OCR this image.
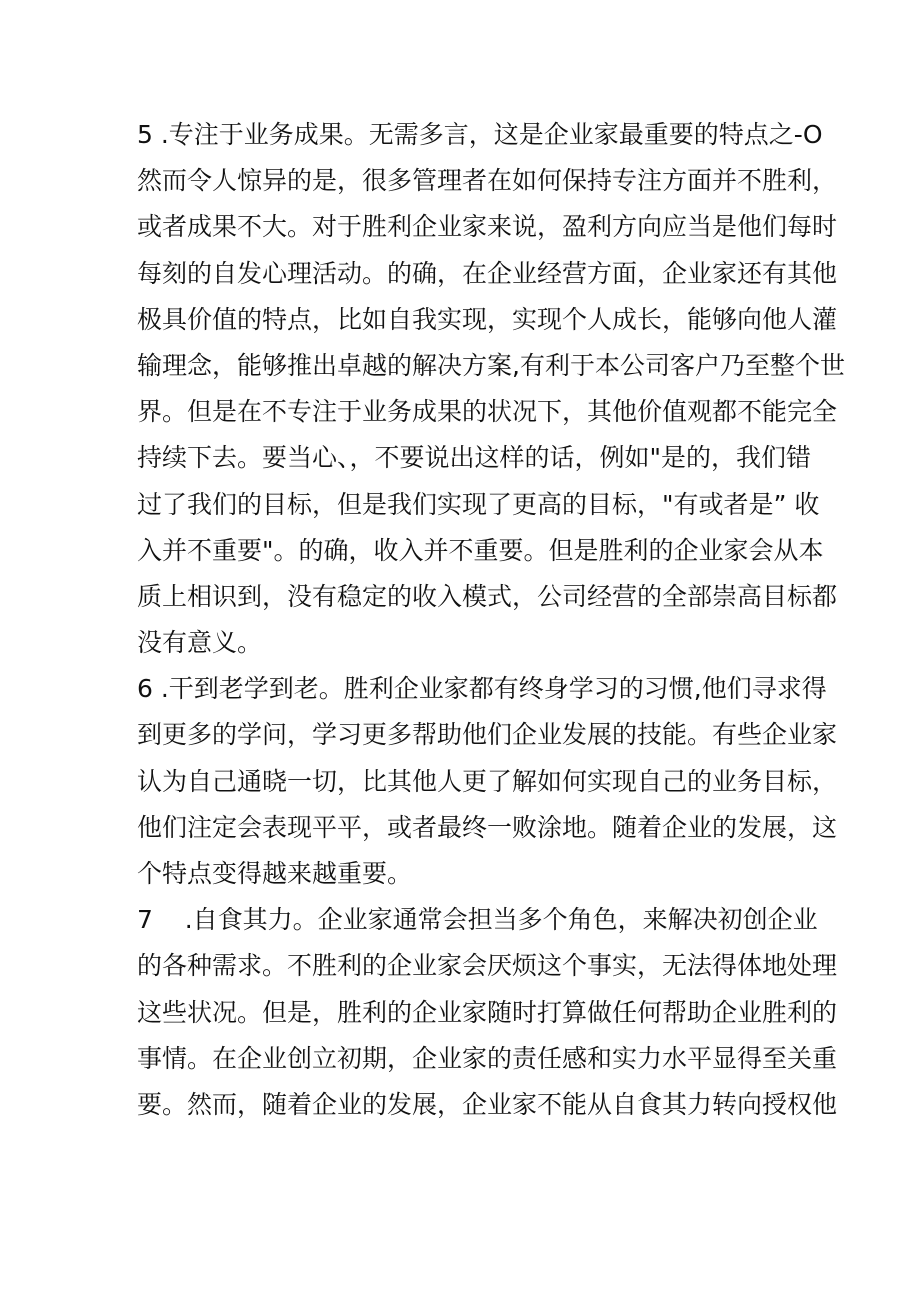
5 .专注于业务成果。无需多言，这是企业家最重要的特点之-O
然而令人惊异的是，很多管理者在如何保持专注方面并不胜利，
或者成果不大。对于胜利企业家来说，盈利方向应当是他们每时
每刻的自发心理活动。的确，在企业经营方面，企业家还有其他
极具价值的特点，比如自我实现，实现个人成长，能够向他人灌
输理念，能够推出卓越的解决方案,有利于本公司客户乃至整个世
界。但是在不专注于业务成果的状况下，其他价值观都不能完全
持续下去。要当心、，不要说出这样的话，例如"是的，我们错
过了我们的目标，但是我们实现了更高的目标，"有或者是” 收
入并不重要"。的确，收入并不重要。但是胜利的企业家会从本
质上相识到，没有稳定的收入模式，公司经营的全部崇高目标都
没有意义。
6 .干到老学到老。胜利企业家都有终身学习的习惯,他们寻求得
到更多的学问，学习更多帮助他们企业发展的技能。有些企业家
认为自己通晓一切，比其他人更了解如何实现自己的业务目标，
他们注定会表现平平，或者最终一败涂地。随着企业的发展，这
个特点变得越来越重要。
7    .自食其力。企业家通常会担当多个角色，来解决初创企业
的各种需求。不胜利的企业家会厌烦这个事实，无法得体地处理
这些状况。但是，胜利的企业家随时打算做任何帮助企业胜利的
事情。在企业创立初期，企业家的责任感和实力水平显得至关重
要。然而，随着企业的发展，企业家不能从自食其力转向授权他
